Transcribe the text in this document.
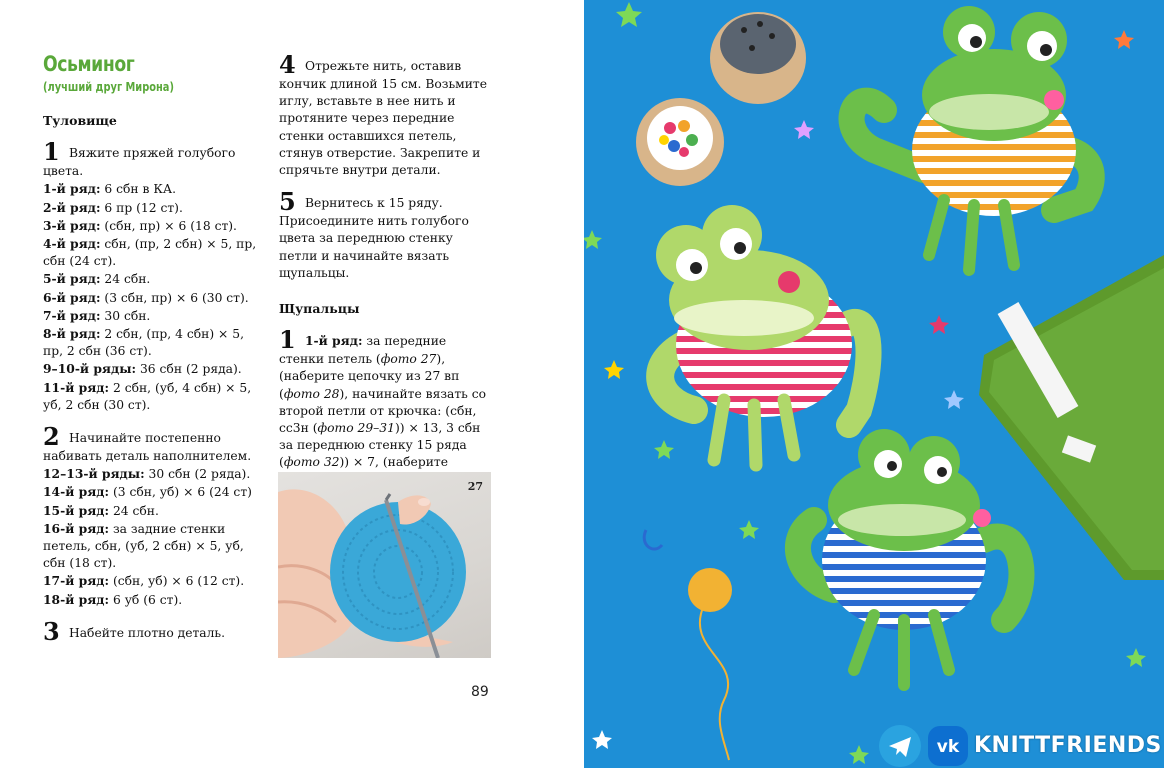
Осьминог
(лучший друг Мирона)
Туловище
1 Вяжите пряжей голубого цвета.
1-й ряд: 6 сбн в КА.
2-й ряд: 6 пр (12 ст).
3-й ряд: (сбн, пр) × 6 (18 ст).
4-й ряд: сбн, (пр, 2 сбн) × 5, пр, сбн (24 ст).
5-й ряд: 24 сбн.
6-й ряд: (3 сбн, пр) × 6 (30 ст).
7-й ряд: 30 сбн.
8-й ряд: 2 сбн, (пр, 4 сбн) × 5, пр, 2 сбн (36 ст).
9–10-й ряды: 36 сбн (2 ряда).
11-й ряд: 2 сбн, (уб, 4 сбн) × 5, уб, 2 сбн (30 ст).
2 Начинайте постепенно набивать деталь наполнителем.
12–13-й ряды: 30 сбн (2 ряда).
14-й ряд: (3 сбн, уб) × 6 (24 ст)
15-й ряд: 24 сбн.
16-й ряд: за задние стенки петель, сбн, (уб, 2 сбн) × 5, уб, сбн (18 ст).
17-й ряд: (сбн, уб) × 6 (12 ст).
18-й ряд: 6 уб (6 ст).
3 Набейте плотно деталь.
4 Отрежьте нить, оставив кончик длиной 15 см. Возьмите иглу, вставьте в нее нить и протяните через передние стенки оставшихся петель, стянув отверстие. Закрепите и спрячьте внутри детали.
5 Вернитесь к 15 ряду. Присоедините нить голубого цвета за переднюю стенку петли и начинайте вязать щупальцы.
Щупальцы
1 1-й ряд: за передние стенки петель (фото 27), (наберите цепочку из 27 вп (фото 28), начинайте вязать со второй петли от крючка: (сбн, сс3н (фото 29–31)) × 13, 3 сбн за переднюю стенку 15 ряда (фото 32)) × 7, (наберите
27
89
vk KNITTFRIENDS
